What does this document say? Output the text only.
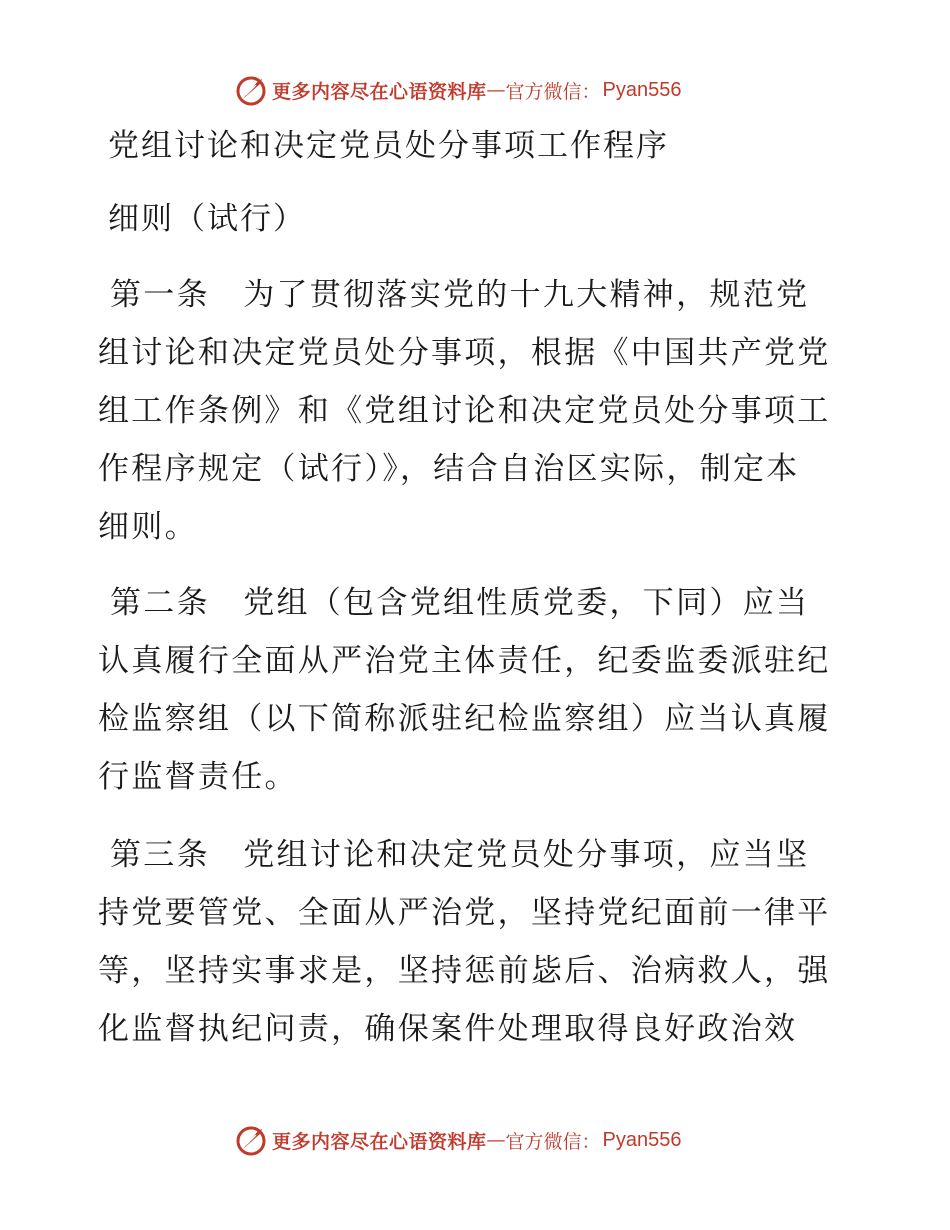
更多内容尽在心语资料库 — 官方微信： Pyan556
党组讨论和决定党员处分事项工作程序
细则（试行）
第一条　为了贯彻落实党的十九大精神，规范党
组讨论和决定党员处分事项，根据《中国共产党党
组工作条例》和《党组讨论和决定党员处分事项工
作程序规定（试行）》，结合自治区实际，制定本
细则。
第二条　党组（包含党组性质党委，下同）应当
认真履行全面从严治党主体责任，纪委监委派驻纪
检监察组（以下简称派驻纪检监察组）应当认真履
行监督责任。
第三条　党组讨论和决定党员处分事项，应当坚
持党要管党、全面从严治党，坚持党纪面前一律平
等，坚持实事求是，坚持惩前毖后、治病救人，强
化监督执纪问责，确保案件处理取得良好政治效
更多内容尽在心语资料库 — 官方微信： Pyan556
